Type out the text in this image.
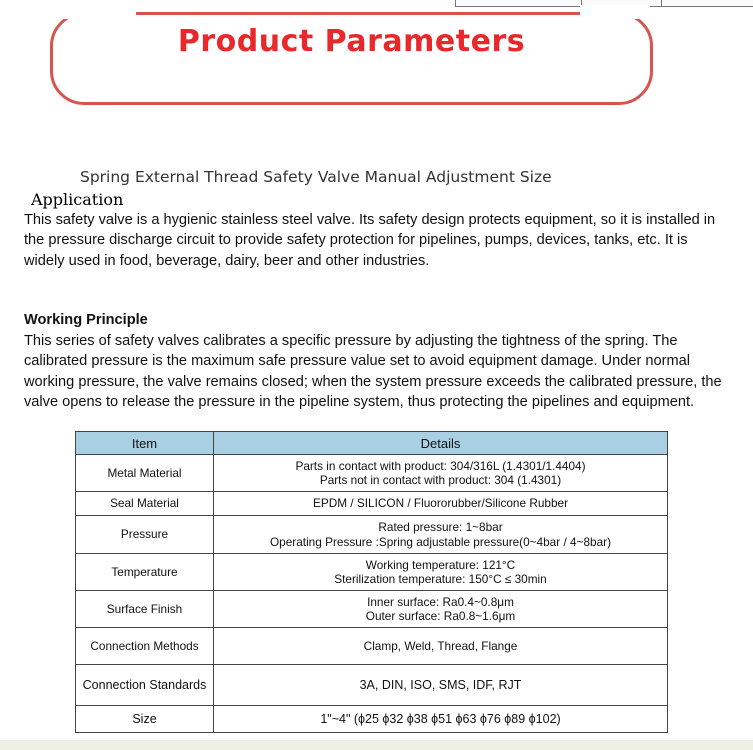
Product Parameters
Spring External Thread Safety Valve Manual Adjustment Size
Application

This safety valve is a hygienic stainless steel valve. Its safety design protects equipment, so it is installed in the pressure discharge circuit to provide safety protection for pipelines, pumps, devices, tanks, etc. It is widely used in food, beverage, dairy, beer and other industries.

Working Principle

This series of safety valves calibrates a specific pressure by adjusting the tightness of the spring. The calibrated pressure is the maximum safe pressure value set to avoid equipment damage. Under normal working pressure, the valve remains closed; when the system pressure exceeds the calibrated pressure, the valve opens to release the pressure in the pipeline system, thus protecting the pipelines and equipment.

Item	Details
Metal Material	Parts in contact with product: 304/316L (1.4301/1.4404)
Parts not in contact with product: 304 (1.4301)

Seal Material	EPDM / SILICON / Fluororubber/Silicone Rubber

Pressure	Rated pressure: 1~8bar
Operating Pressure :Spring adjustable pressure(0~4bar / 4~8bar)

Temperature	Working temperature: 121°C
Sterilization temperature: 150°C ≤ 30min

Surface Finish	Inner surface: Ra0.4~0.8μm
Outer surface: Ra0.8~1.6μm

Connection Methods	Clamp, Weld, Thread, Flange

Connection Standards	3A, DIN, ISO, SMS, IDF, RJT

Size	1"~4" (ϕ25 ϕ32 ϕ38 ϕ51 ϕ63 ϕ76 ϕ89 ϕ102)
